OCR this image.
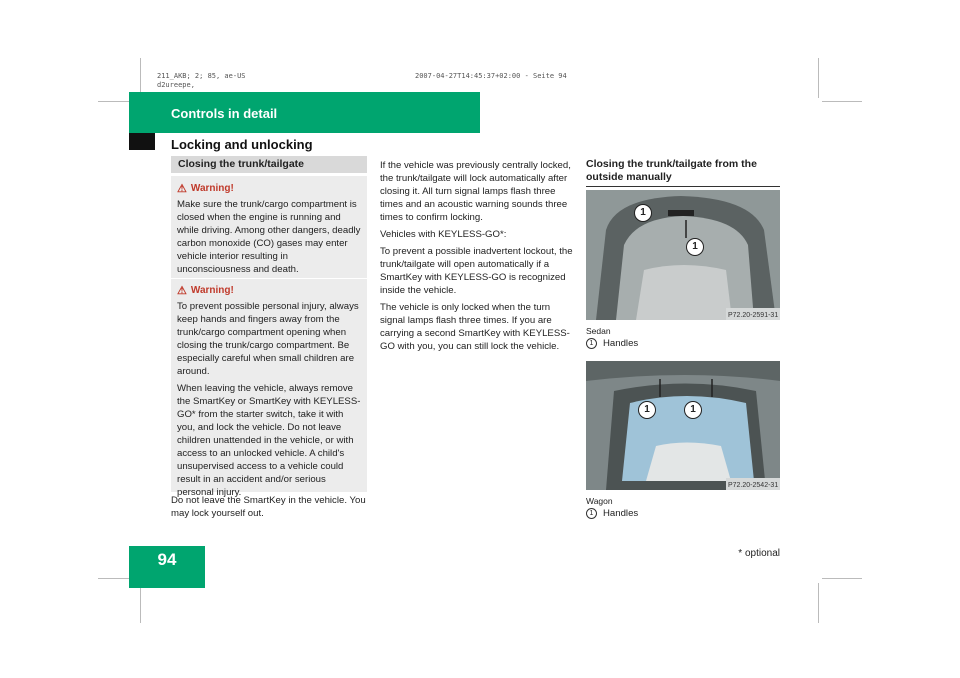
211_AKB; 2; 85, ae-US
d2ureepe,
2007-04-27T14:45:37+02:00 - Seite 94
Controls in detail
Locking and unlocking
Closing the trunk/tailgate
⚠ Warning!

Make sure the trunk/cargo compartment is closed when the engine is running and while driving. Among other dangers, deadly carbon monoxide (CO) gases may enter vehicle interior resulting in unconsciousness and death.

⚠ Warning!

To prevent possible personal injury, always keep hands and fingers away from the trunk/cargo compartment opening when closing the trunk/cargo compartment. Be especially careful when small children are around.

When leaving the vehicle, always remove the SmartKey or SmartKey with KEYLESS-GO* from the starter switch, take it with you, and lock the vehicle. Do not leave children unattended in the vehicle, or with access to an unlocked vehicle. A child's unsupervised access to a vehicle could result in an accident and/or serious personal injury.

Do not leave the SmartKey in the vehicle. You may lock yourself out.

If the vehicle was previously centrally locked, the trunk/tailgate will lock automatically after closing it. All turn signal lamps flash three times and an acoustic warning sounds three times to confirm locking.

Vehicles with KEYLESS-GO*:

To prevent a possible inadvertent lockout, the trunk/tailgate will open automatically if a SmartKey with KEYLESS-GO is recognized inside the vehicle.

The vehicle is only locked when the turn signal lamps flash three times. If you are carrying a second SmartKey with KEYLESS-GO with you, you can still lock the vehicle.

Closing the trunk/tailgate from the outside manually
P72.20-2591-31
1
1
Sedan
1 Handles
P72.20-2542-31
1	1
Wagon
1 Handles
94	* optional
